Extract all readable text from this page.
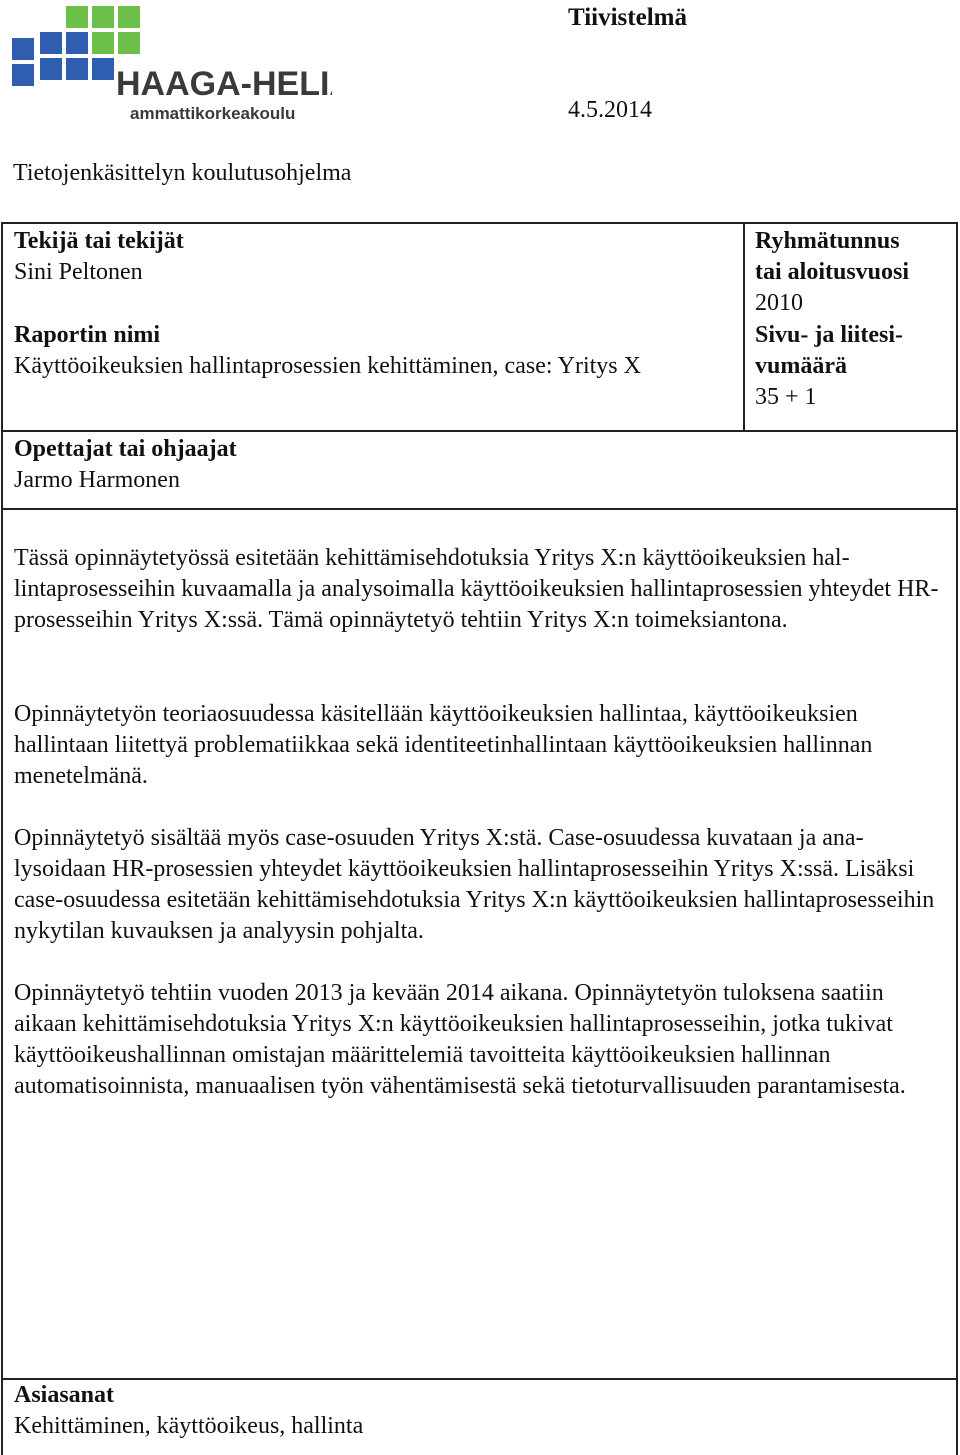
HAAGA-HELIA
ammattikorkeakoulu
Tiivistelmä
4.5.2014
Tietojenkäsittelyn koulutusohjelma
Tekijä tai tekijät
Sini Peltonen
Raportin nimi
Käyttöoikeuksien hallintaprosessien kehittäminen, case: Yritys X
Ryhmätunnus
tai aloitusvuosi
2010
Sivu- ja liitesi-
vumäärä
35 + 1
Opettajat tai ohjaajat
Jarmo Harmonen

Tässä opinnäytetyössä esitetään kehittämisehdotuksia Yritys X:n käyttöoikeuksien hallintaprosesseihin kuvaamalla ja analysoimalla käyttöoikeuksien hallintaprosessien yhteydet HR-prosesseihin Yritys X:ssä. Tämä opinnäytetyö tehtiin Yritys X:n toimeksiantona.

Opinnäytetyön teoriaosuudessa käsitellään käyttöoikeuksien hallintaa, käyttöoikeuksien hallintaan liitettyä problematiikkaa sekä identiteetinhallintaan käyttöoikeuksien hallinnan menetelmänä.

Opinnäytetyö sisältää myös case-osuuden Yritys X:stä. Case-osuudessa kuvataan ja analysoidaan HR-prosessien yhteydet käyttöoikeuksien hallintaprosesseihin Yritys X:ssä. Lisäksi case-osuudessa esitetään kehittämisehdotuksia Yritys X:n käyttöoikeuksien hallintaprosesseihin nykytilan kuvauksen ja analyysin pohjalta.

Opinnäytetyö tehtiin vuoden 2013 ja kevään 2014 aikana. Opinnäytetyön tuloksena saatiin aikaan kehittämisehdotuksia Yritys X:n käyttöoikeuksien hallintaprosesseihin, jotka tukivat käyttöoikeushallinnan omistajan määrittelemiä tavoitteita käyttöoikeuksien hallinnan automatisoinnista, manuaalisen työn vähentämisestä sekä tietoturvallisuuden parantamisesta.

Asiasanat
Kehittäminen, käyttöoikeus, hallinta
